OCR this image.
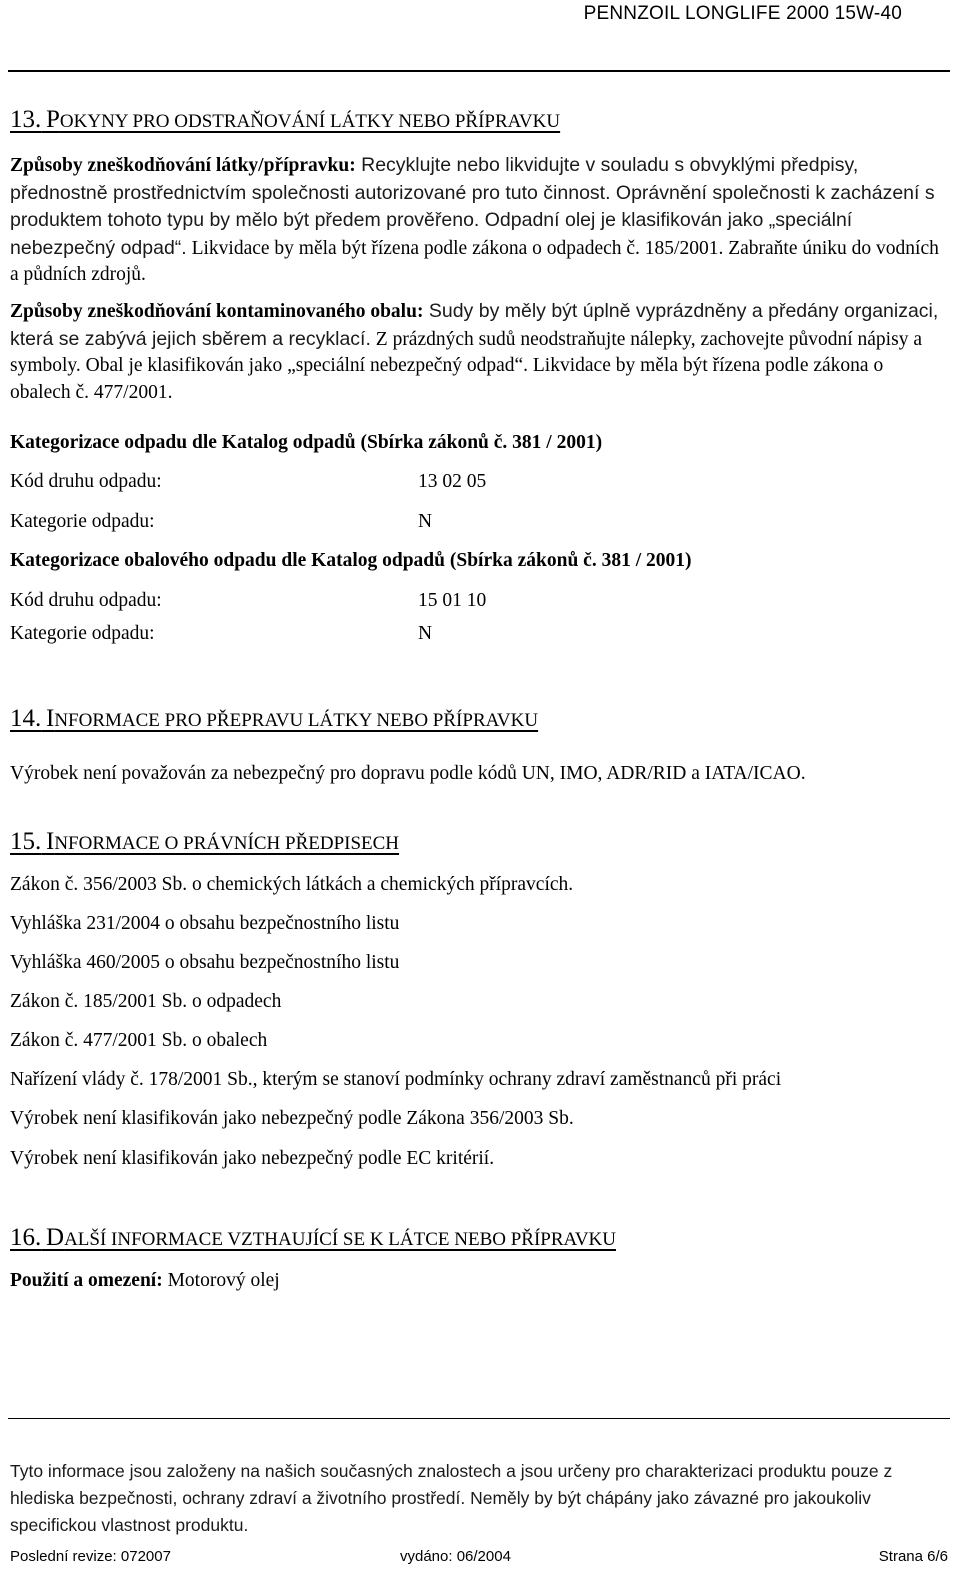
PENNZOIL LONGLIFE 2000 15W-40
13. POKYNY PRO ODSTRAŇOVÁNÍ LÁTKY NEBO PŘÍPRAVKU
Způsoby zneškodňování látky/přípravku: Recyklujte nebo likvidujte v souladu s obvyklými předpisy, přednostně prostřednictvím společnosti autorizované pro tuto činnost. Oprávnění společnosti k zacházení s produktem tohoto typu by mělo být předem prověřeno. Odpadní olej je klasifikován jako „speciální nebezpečný odpad“. Likvidace by měla být řízena podle zákona o odpadech č. 185/2001. Zabraňte úniku do vodních a půdních zdrojů.
Způsoby zneškodňování kontaminovaného obalu: Sudy by měly být úplně vyprázdněny a předány organizaci, která se zabývá jejich sběrem a recyklací. Z prázdných sudů neodstraňujte nálepky, zachovejte původní nápisy a symboly. Obal je klasifikován jako „speciální nebezpečný odpad“. Likvidace by měla být řízena podle zákona o obalech č. 477/2001.
Kategorizace odpadu dle Katalog odpadů (Sbírka zákonů č. 381 / 2001)
Kód druhu odpadu:	13 02 05
Kategorie odpadu:	N
Kategorizace obalového odpadu dle Katalog odpadů (Sbírka zákonů č. 381 / 2001)
Kód druhu odpadu:	15 01 10
Kategorie odpadu:	N
14. INFORMACE PRO PŘEPRAVU LÁTKY NEBO PŘÍPRAVKU
Výrobek není považován za nebezpečný pro dopravu podle kódů UN, IMO, ADR/RID a IATA/ICAO.
15. INFORMACE O PRÁVNÍCH PŘEDPISECH
Zákon č. 356/2003 Sb. o chemických látkách a chemických přípravcích.
Vyhláška 231/2004 o obsahu bezpečnostního listu
Vyhláška 460/2005 o obsahu bezpečnostního listu
Zákon č. 185/2001 Sb. o odpadech
Zákon č. 477/2001 Sb. o obalech
Nařízení vlády č. 178/2001 Sb., kterým se stanoví podmínky ochrany zdraví zaměstnanců při práci
Výrobek není klasifikován jako nebezpečný podle Zákona 356/2003 Sb.
Výrobek není klasifikován jako nebezpečný podle EC kritérií.
16. DALŠÍ INFORMACE VZTHAUJÍCÍ SE K LÁTCE NEBO PŘÍPRAVKU
Použití a omezení: Motorový olej
Tyto informace jsou založeny na našich současných znalostech a jsou určeny pro charakterizaci produktu pouze z hlediska bezpečnosti, ochrany zdraví a životního prostředí. Neměly by být chápány jako závazné pro jakoukoliv specifickou vlastnost produktu.
Poslední revize: 072007	vydáno: 06/2004	Strana 6/6
